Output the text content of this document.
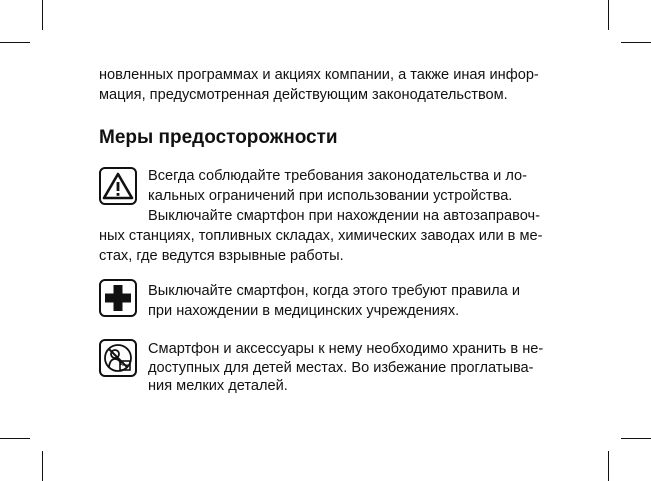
новленных программах и акциях компании, а также иная инфор-
мация, предусмотренная действующим законодательством.
Меры предосторожности
Всегда соблюдайте требования законодательства и ло-
кальных ограничений при использовании устройства.
Выключайте смартфон при нахождении на автозаправоч-
ных станциях, топливных складах, химических заводах или в ме-
стах, где ведутся взрывные работы.
Выключайте смартфон, когда этого требуют правила и
при нахождении в медицинских учреждениях.
Смартфон и аксессуары к нему необходимо хранить в не-
доступных для детей местах. Во избежание проглатыва-
ния мелких деталей.
